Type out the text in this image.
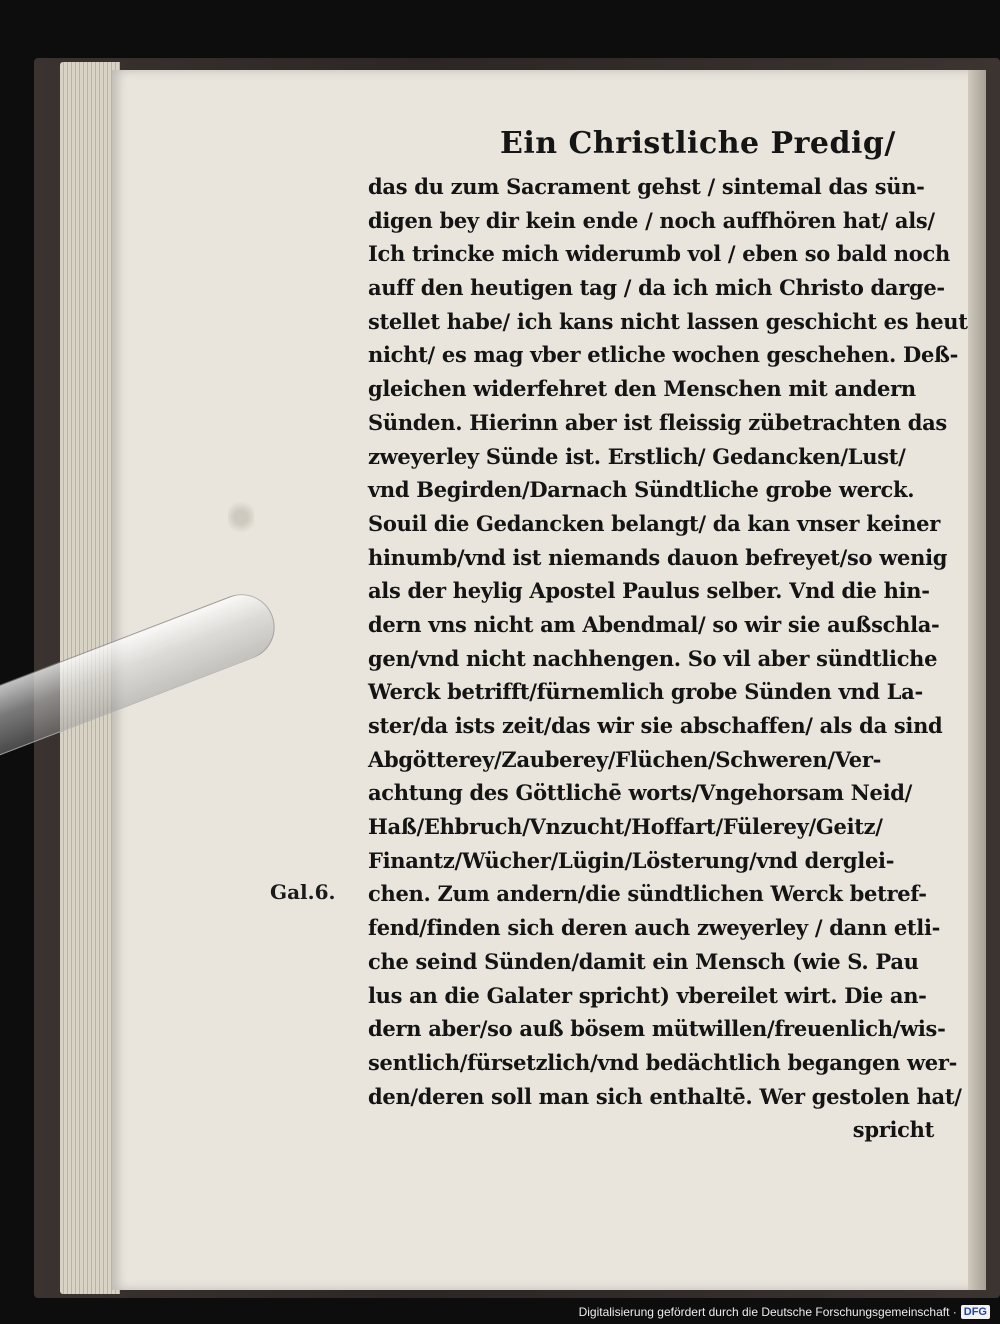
Ein Christliche Predig/
das du zum Sacrament gehst / sintemal das sün-
digen bey dir kein ende / noch auffhören hat/ als/
Ich trincke mich widerumb vol / eben so bald noch
auff den heutigen tag / da ich mich Christo darge-
stellet habe/ ich kans nicht lassen geschicht es heut
nicht/ es mag vber etliche wochen geschehen. Deß-
gleichen widerfehret den Menschen mit andern
Sünden. Hierinn aber ist fleissig zübetrachten das
zweyerley Sünde ist. Erstlich/ Gedancken/Lust/
vnd Begirden/Darnach Sündtliche grobe werck.
Souil die Gedancken belangt/ da kan vnser keiner
hinumb/vnd ist niemands dauon befreyet/so wenig
als der heylig Apostel Paulus selber. Vnd die hin-
dern vns nicht am Abendmal/ so wir sie außschla-
gen/vnd nicht nachhengen. So vil aber sündtliche
Werck betrifft/fürnemlich grobe Sünden vnd La-
ster/da ists zeit/das wir sie abschaffen/ als da sind
Abgötterey/Zauberey/Flüchen/Schweren/Ver-
achtung des Göttlichē worts/Vngehorsam Neid/
Haß/Ehbruch/Vnzucht/Hoffart/Fülerey/Geitz/
Finantz/Wücher/Lügin/Lösterung/vnd derglei-
chen. Zum andern/die sündtlichen Werck betref-
fend/finden sich deren auch zweyerley / dann etli-
che seind Sünden/damit ein Mensch (wie S. Pau
lus an die Galater spricht) vbereilet wirt. Die an-
dern aber/so auß bösem mütwillen/freuenlich/wis-
sentlich/fürsetzlich/vnd bedächtlich begangen wer-
den/deren soll man sich enthaltē. Wer gestolen hat/
spricht
Gal.6.
Digitalisierung gefördert durch die Deutsche Forschungsgemeinschaft · DFG
